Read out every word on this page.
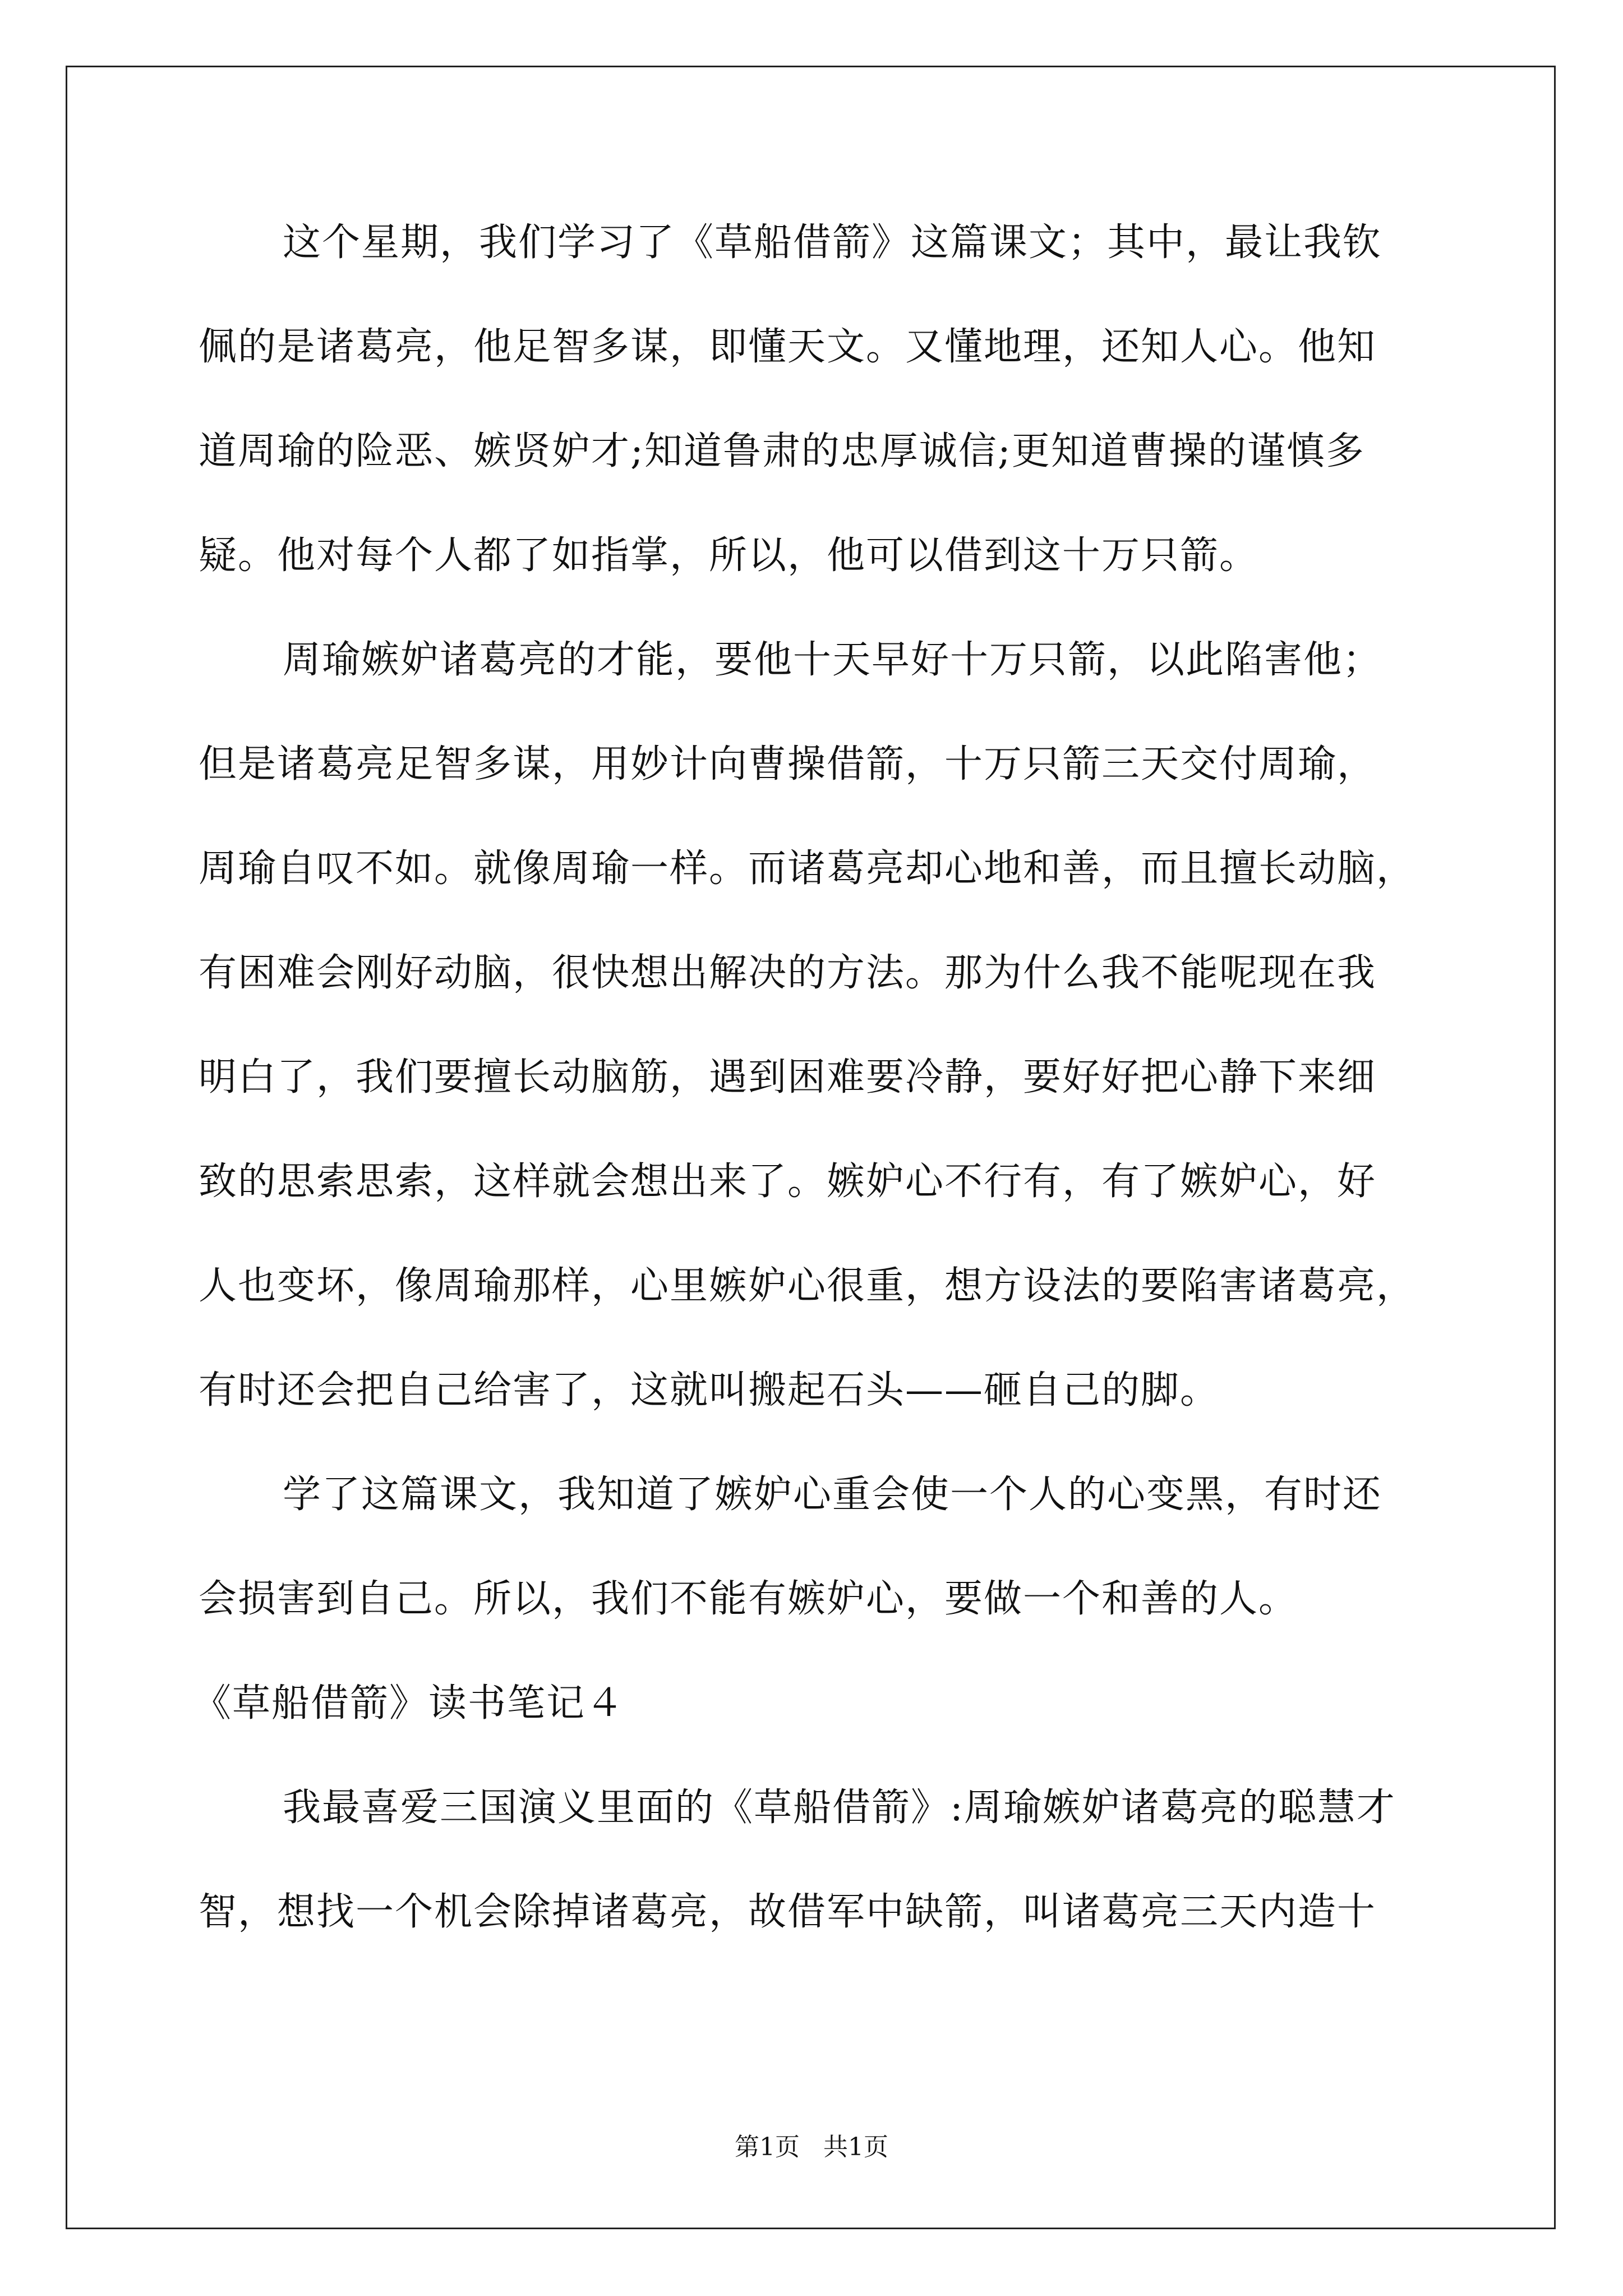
这个星期，我们学习了《草船借箭》这篇课文；其中，最让我钦
佩的是诸葛亮，他足智多谋，即懂天文。又懂地理，还知人心。他知
道周瑜的险恶、嫉贤妒才;知道鲁肃的忠厚诚信;更知道曹操的谨慎多
疑。他对每个人都了如指掌，所以，他可以借到这十万只箭。
周瑜嫉妒诸葛亮的才能，要他十天早好十万只箭，以此陷害他；
但是诸葛亮足智多谋，用妙计向曹操借箭，十万只箭三天交付周瑜，
周瑜自叹不如。就像周瑜一样。而诸葛亮却心地和善，而且擅长动脑，
有困难会刚好动脑，很快想出解决的方法。那为什么我不能呢现在我
明白了，我们要擅长动脑筋，遇到困难要冷静，要好好把心静下来细
致的思索思索，这样就会想出来了。嫉妒心不行有，有了嫉妒心，好
人也变坏，像周瑜那样，心里嫉妒心很重，想方设法的要陷害诸葛亮，
有时还会把自己给害了，这就叫搬起石头——砸自己的脚。
学了这篇课文，我知道了嫉妒心重会使一个人的心变黑，有时还
会损害到自己。所以，我们不能有嫉妒心，要做一个和善的人。
《草船借箭》读书笔记４
我最喜爱三国演义里面的《草船借箭》:周瑜嫉妒诸葛亮的聪慧才
智，想找一个机会除掉诸葛亮，故借军中缺箭，叫诸葛亮三天内造十
第1页   共1页
